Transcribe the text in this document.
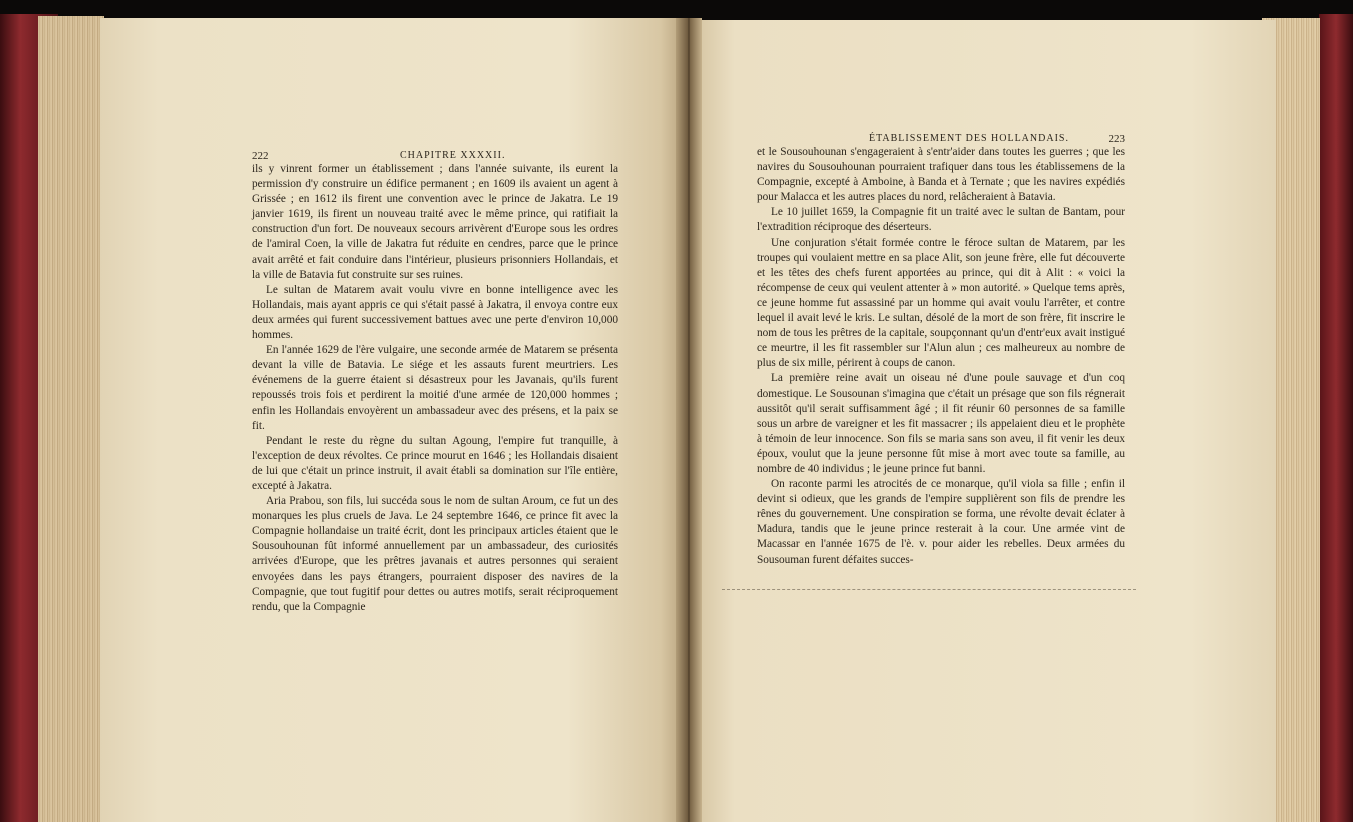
222	CHAPITRE XXXXII.

ils y vinrent former un établissement ; dans l'année suivante, ils eurent la permission d'y construire un édifice permanent ; en 1609 ils avaient un agent à Grissée ; en 1612 ils firent une convention avec le prince de Jakatra. Le 19 janvier 1619, ils firent un nouveau traité avec le même prince, qui ratifiait la construction d'un fort. De nouveaux secours arrivèrent d'Europe sous les ordres de l'amiral Coen, la ville de Jakatra fut réduite en cendres, parce que le prince avait arrêté et fait conduire dans l'intérieur, plusieurs prisonniers Hollandais, et la ville de Batavia fut construite sur ses ruines.

Le sultan de Matarem avait voulu vivre en bonne intelligence avec les Hollandais, mais ayant appris ce qui s'était passé à Jakatra, il envoya contre eux deux armées qui furent successivement battues avec une perte d'environ 10,000 hommes.

En l'année 1629 de l'ère vulgaire, une seconde armée de Matarem se présenta devant la ville de Batavia. Le siége et les assauts furent meurtriers. Les événemens de la guerre étaient si désastreux pour les Javanais, qu'ils furent repoussés trois fois et perdirent la moitié d'une armée de 120,000 hommes ; enfin les Hollandais envoyèrent un ambassadeur avec des présens, et la paix se fit.

Pendant le reste du règne du sultan Agoung, l'empire fut tranquille, à l'exception de deux révoltes. Ce prince mourut en 1646 ; les Hollandais disaient de lui que c'était un prince instruit, il avait établi sa domination sur l'île entière, excepté à Jakatra.

Aria Prabou, son fils, lui succéda sous le nom de sultan Aroum, ce fut un des monarques les plus cruels de Java. Le 24 septembre 1646, ce prince fit avec la Compagnie hollandaise un traité écrit, dont les principaux articles étaient que le Sousouhounan fût informé annuellement par un ambassadeur, des curiosités arrivées d'Europe, que les prêtres javanais et autres personnes qui seraient envoyées dans les pays étrangers, pourraient disposer des navires de la Compagnie, que tout fugitif pour dettes ou autres motifs, serait réciproquement rendu, que la Compagnie

ÉTABLISSEMENT DES HOLLANDAIS.	223

et le Sousouhounan s'engageraient à s'entr'aider dans toutes les guerres ; que les navires du Sousouhounan pourraient trafiquer dans tous les établissemens de la Compagnie, excepté à Amboine, à Banda et à Ternate ; que les navires expédiés pour Malacca et les autres places du nord, relâcheraient à Batavia.

Le 10 juillet 1659, la Compagnie fit un traité avec le sultan de Bantam, pour l'extradition réciproque des déserteurs.

Une conjuration s'était formée contre le féroce sultan de Matarem, par les troupes qui voulaient mettre en sa place Alit, son jeune frère, elle fut découverte et les têtes des chefs furent apportées au prince, qui dit à Alit : « voici la récompense de ceux qui veulent attenter à » mon autorité. » Quelque tems après, ce jeune homme fut assassiné par un homme qui avait voulu l'arrêter, et contre lequel il avait levé le kris. Le sultan, désolé de la mort de son frère, fit inscrire le nom de tous les prêtres de la capitale, soupçonnant qu'un d'entr'eux avait instigué ce meurtre, il les fit rassembler sur l'Alun alun ; ces malheureux au nombre de plus de six mille, périrent à coups de canon.

La première reine avait un oiseau né d'une poule sauvage et d'un coq domestique. Le Sousounan s'imagina que c'était un présage que son fils régnerait aussitôt qu'il serait suffisamment âgé ; il fit réunir 60 personnes de sa famille sous un arbre de vareigner et les fit massacrer ; ils appelaient dieu et le prophète à témoin de leur innocence. Son fils se maria sans son aveu, il fit venir les deux époux, voulut que la jeune personne fût mise à mort avec toute sa famille, au nombre de 40 individus ; le jeune prince fut banni.

On raconte parmi les atrocités de ce monarque, qu'il viola sa fille ; enfin il devint si odieux, que les grands de l'empire supplièrent son fils de prendre les rênes du gouvernement. Une conspiration se forma, une révolte devait éclater à Madura, tandis que le jeune prince resterait à la cour. Une armée vint de Macassar en l'année 1675 de l'è. v. pour aider les rebelles. Deux armées du Sousouman furent défaites succes-
